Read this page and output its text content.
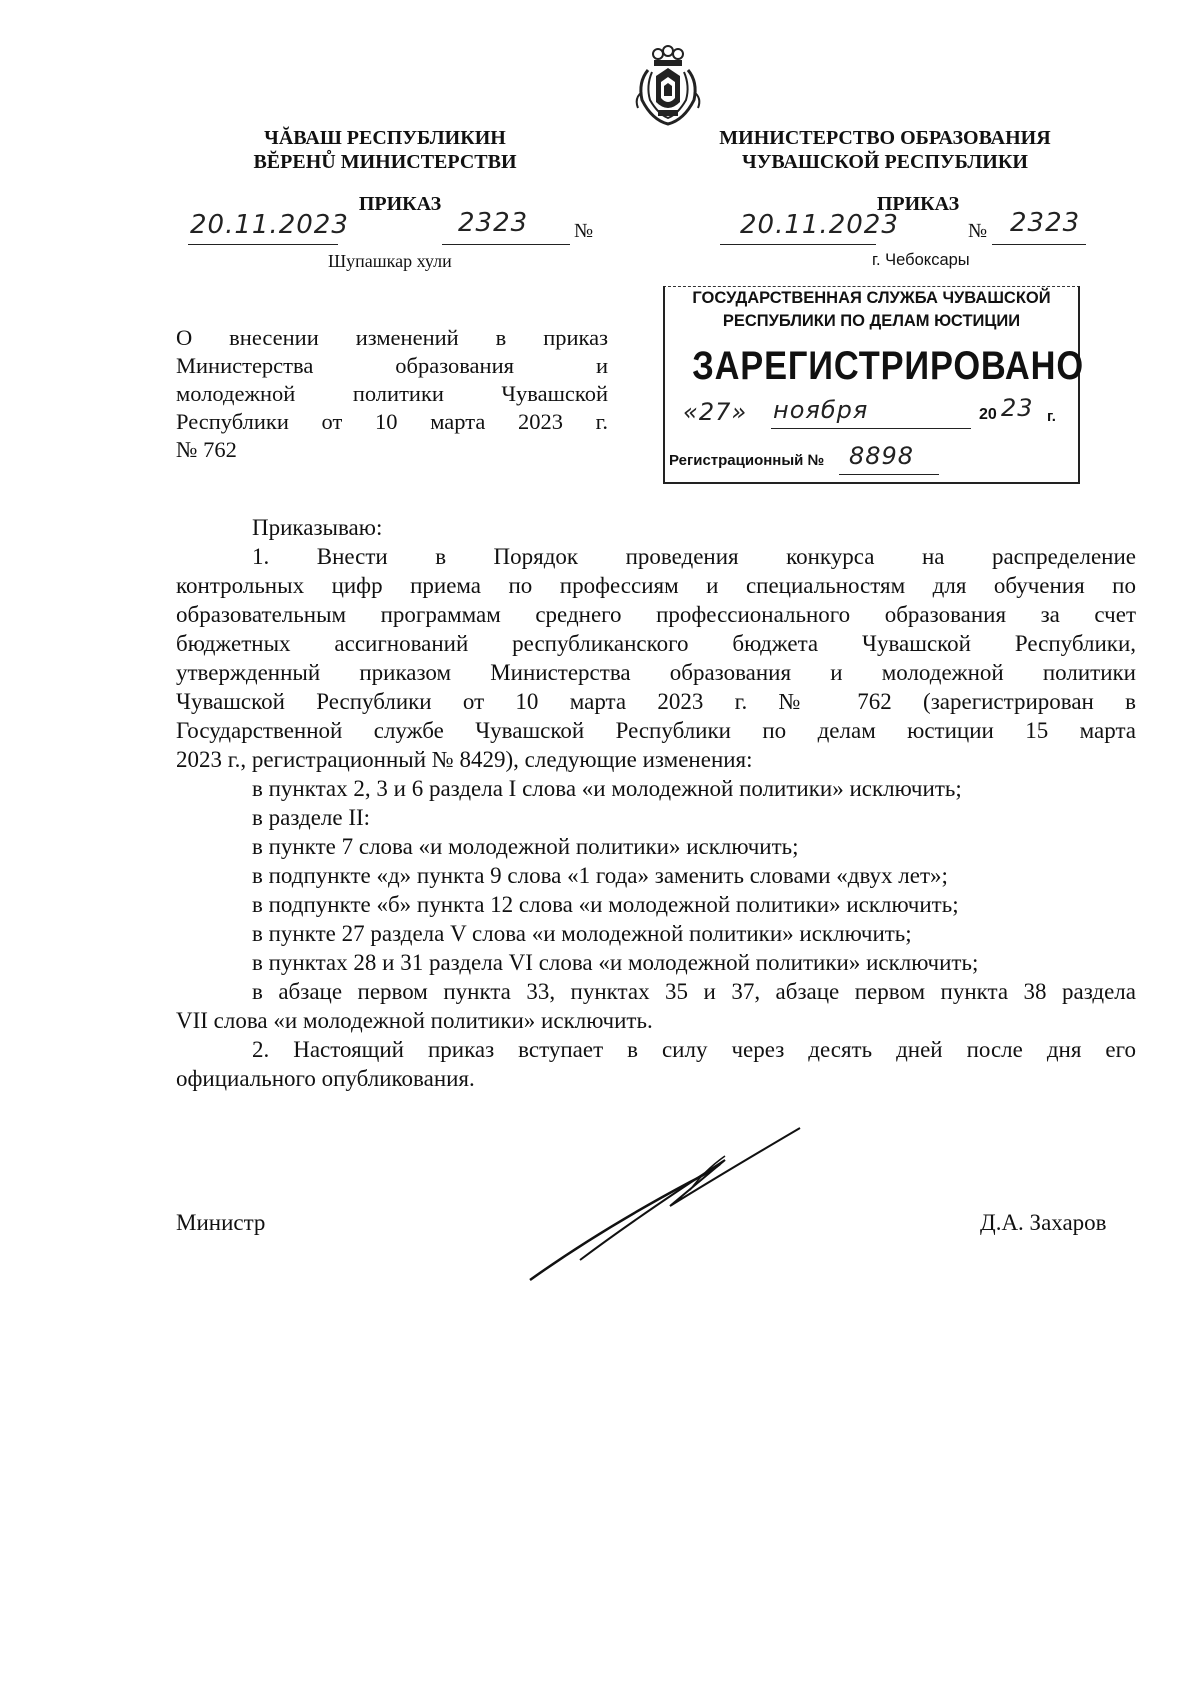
ЧĂВАШ РЕСПУБЛИКИН
ВĔРЕНŮ МИНИСТЕРСТВИ
МИНИСТЕРСТВО ОБРАЗОВАНИЯ
ЧУВАШСКОЙ РЕСПУБЛИКИ
ПРИКАЗ
20.11.2023	2323 №
Шупашкар хули
ПРИКАЗ
20.11.2023	№ 2323
г. Чебоксары
О внесении изменений в приказ
Министерства образования и
молодежной политики Чувашской
Республики от 10 марта 2023 г.
№ 762
ГОСУДАРСТВЕННАЯ СЛУЖБА ЧУВАШСКОЙ
РЕСПУБЛИКИ ПО ДЕЛАМ ЮСТИЦИИ
ЗАРЕГИСТРИРОВАНО
«27» ноября	20 23 г.
Регистрационный № 8898
Приказываю:
1. Внести в Порядок проведения конкурса на распределение
контрольных цифр приема по профессиям и специальностям для обучения по
образовательным программам среднего профессионального образования за счет
бюджетных ассигнований республиканского бюджета Чувашской Республики,
утвержденный приказом Министерства образования и молодежной политики
Чувашской Республики от 10 марта 2023 г. № 762 (зарегистрирован в
Государственной службе Чувашской Республики по делам юстиции 15 марта
2023 г., регистрационный № 8429), следующие изменения:
в пунктах 2, 3 и 6 раздела I слова «и молодежной политики» исключить;
в разделе II:
в пункте 7 слова «и молодежной политики» исключить;
в подпункте «д» пункта 9 слова «1 года» заменить словами «двух лет»;
в подпункте «б» пункта 12 слова «и молодежной политики» исключить;
в пункте 27 раздела V слова «и молодежной политики» исключить;
в пунктах 28 и 31 раздела VI слова «и молодежной политики» исключить;
в абзаце первом пункта 33, пунктах 35 и 37, абзаце первом пункта 38 раздела
VII слова «и молодежной политики» исключить.
2. Настоящий приказ вступает в силу через десять дней после дня его
официального опубликования.
Министр	Д.А. Захаров
